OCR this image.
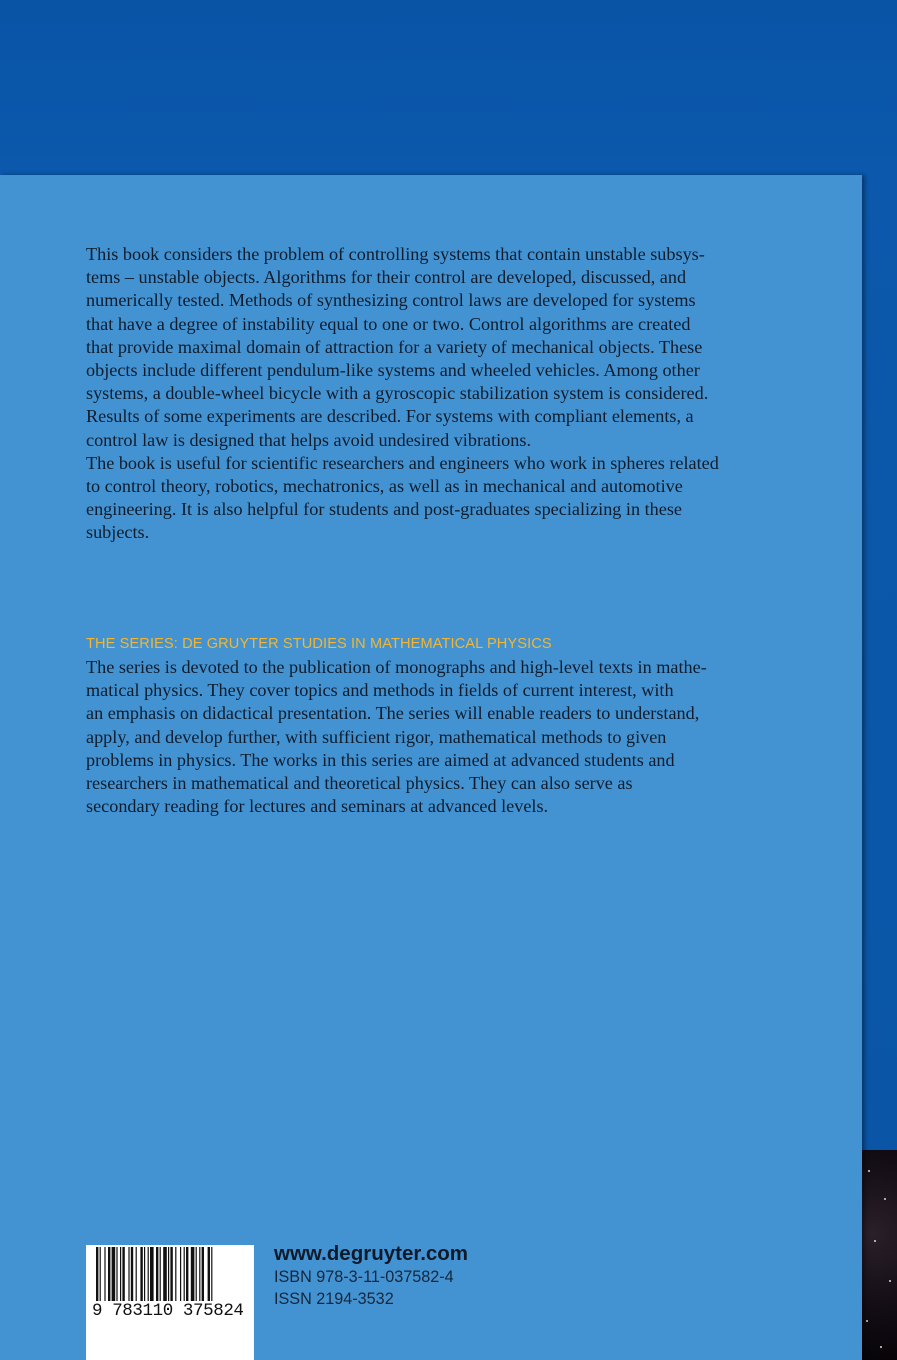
This book considers the problem of controlling systems that contain unstable subsys-

tems – unstable objects. Algorithms for their control are developed, discussed, and

numerically tested. Methods of synthesizing control laws are developed for systems

that have a degree of instability equal to one or two. Control algorithms are created

that provide maximal domain of attraction for a variety of mechanical objects. These

objects include different pendulum-like systems and wheeled vehicles. Among other

systems, a double-wheel bicycle with a gyroscopic stabilization system is considered.

Results of some experiments are described. For systems with compliant elements, a

control law is designed that helps avoid undesired vibrations.

The book is useful for scientific researchers and engineers who work in spheres related

to control theory, robotics, mechatronics, as well as in mechanical and automotive

engineering. It is also helpful for students and post-graduates specializing in these

subjects.

THE SERIES: DE GRUYTER STUDIES IN MATHEMATICAL PHYSICS

The series is devoted to the publication of monographs and high-level texts in mathe-

matical physics. They cover topics and methods in fields of current interest, with

an emphasis on didactical presentation. The series will enable readers to understand,

apply, and develop further, with sufficient rigor, mathematical methods to given

problems in physics. The works in this series are aimed at advanced students and

researchers in mathematical and theoretical physics. They can also serve as

secondary reading for lectures and seminars at advanced levels.

9 783110 375824
www.degruyter.com
ISBN 978-3-11-037582-4
ISSN 2194-3532
